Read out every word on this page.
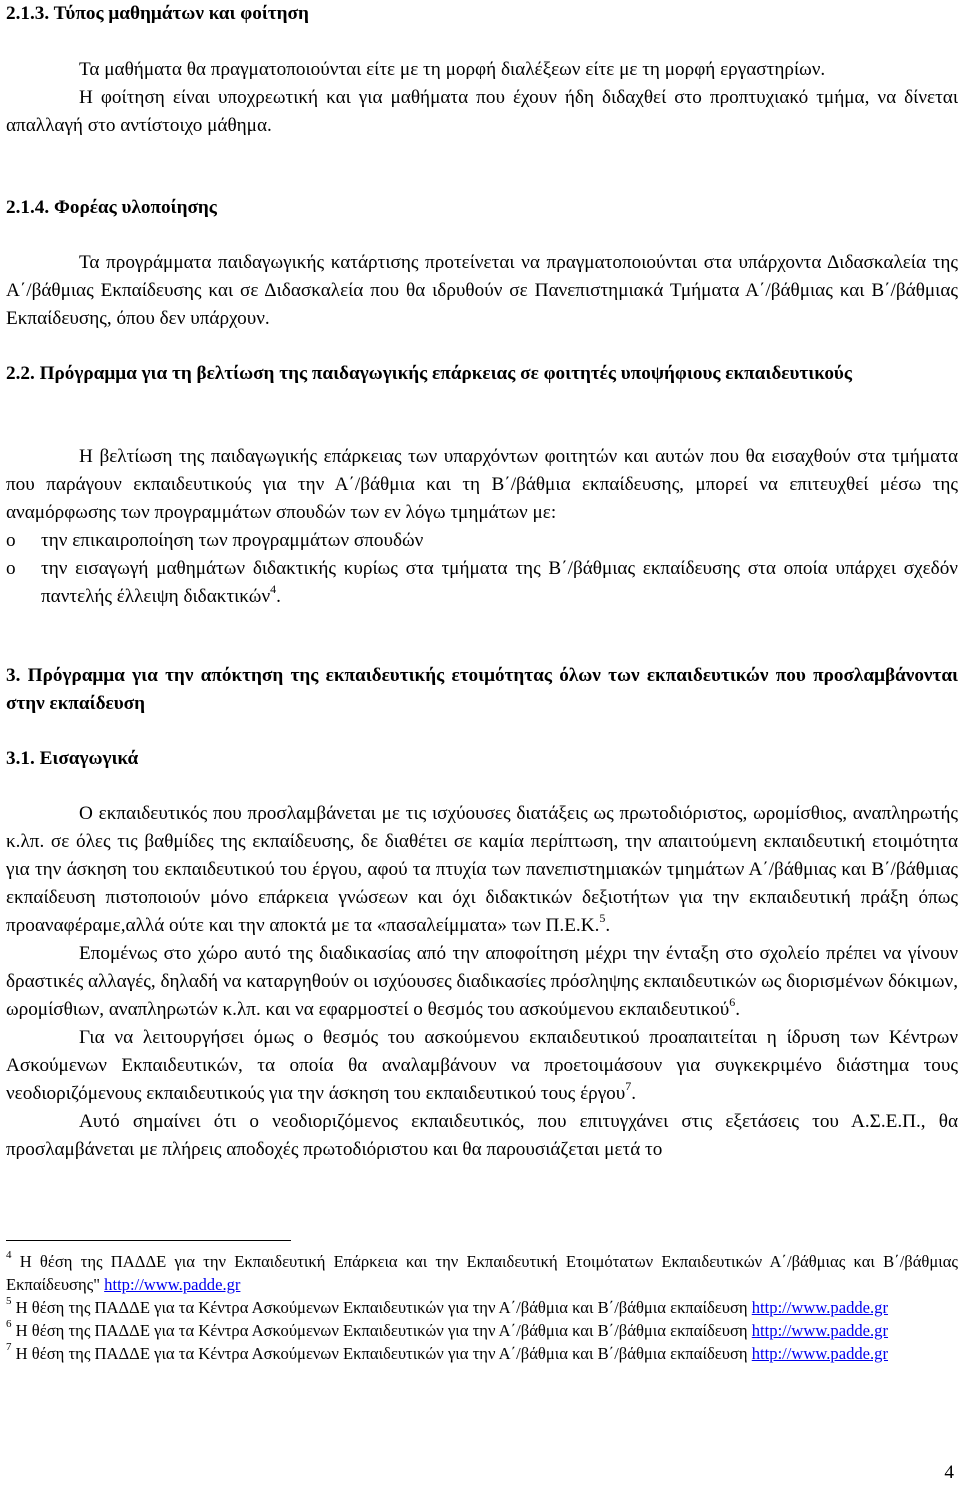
2.1.3. Τύπος μαθημάτων και φοίτηση

Τα μαθήματα θα πραγματοποιούνται είτε με τη μορφή διαλέξεων είτε με τη μορφή εργαστηρίων.

Η φοίτηση είναι υποχρεωτική και για μαθήματα που έχουν ήδη διδαχθεί στο προπτυχιακό τμήμα, να δίνεται απαλλαγή στο αντίστοιχο μάθημα.

2.1.4. Φορέας υλοποίησης

Τα προγράμματα παιδαγωγικής κατάρτισης προτείνεται να πραγματοποιούνται στα υπάρχοντα Διδασκαλεία της Α΄/βάθμιας Εκπαίδευσης και σε Διδασκαλεία που θα ιδρυθούν σε Πανεπιστημιακά Τμήματα Α΄/βάθμιας και Β΄/βάθμιας Εκπαίδευσης, όπου δεν υπάρχουν.

2.2. Πρόγραμμα για τη βελτίωση της παιδαγωγικής επάρκειας σε φοιτητές υποψήφιους εκπαιδευτικούς

Η βελτίωση της παιδαγωγικής επάρκειας των υπαρχόντων φοιτητών και αυτών που θα εισαχθούν στα τμήματα που παράγουν εκπαιδευτικούς για την Α΄/βάθμια και τη Β΄/βάθμια εκπαίδευσης, μπορεί να επιτευχθεί μέσω της αναμόρφωσης των προγραμμάτων σπουδών των εν λόγω τμημάτων με:

o την επικαιροποίηση των προγραμμάτων σπουδών
o την εισαγωγή μαθημάτων διδακτικής κυρίως στα τμήματα της Β΄/βάθμιας εκπαίδευσης στα οποία υπάρχει σχεδόν παντελής έλλειψη διδακτικών$^4$.

3. Πρόγραμμα για την απόκτηση της εκπαιδευτικής ετοιμότητας όλων των εκπαιδευτικών που προσλαμβάνονται στην εκπαίδευση

3.1. Εισαγωγικά

Ο εκπαιδευτικός που προσλαμβάνεται με τις ισχύουσες διατάξεις ως πρωτοδιόριστος, ωρομίσθιος, αναπληρωτής κ.λπ. σε όλες τις βαθμίδες της εκπαίδευσης, δε διαθέτει σε καμία περίπτωση, την απαιτούμενη εκπαιδευτική ετοιμότητα για την άσκηση του εκπαιδευτικού του έργου, αφού τα πτυχία των πανεπιστημιακών τμημάτων Α΄/βάθμιας και Β΄/βάθμιας εκπαίδευση πιστοποιούν μόνο επάρκεια γνώσεων και όχι διδακτικών δεξιοτήτων για την εκπαιδευτική πράξη όπως προαναφέραμε,αλλά ούτε και την αποκτά με τα «πασαλείμματα» των Π.Ε.Κ.$^5$.

Επομένως στο χώρο αυτό της διαδικασίας από την αποφοίτηση μέχρι την ένταξη στο σχολείο πρέπει να γίνουν δραστικές αλλαγές, δηλαδή να καταργηθούν οι ισχύουσες διαδικασίες πρόσληψης εκπαιδευτικών ως διορισμένων δόκιμων, ωρομίσθιων, αναπληρωτών κ.λπ. και να εφαρμοστεί ο θεσμός του ασκούμενου εκπαιδευτικού$^6$.

Για να λειτουργήσει όμως ο θεσμός του ασκούμενου εκπαιδευτικού προαπαιτείται η ίδρυση των Κέντρων Ασκούμενων Εκπαιδευτικών, τα οποία θα αναλαμβάνουν να προετοιμάσουν για συγκεκριμένο διάστημα τους νεοδιοριζόμενους εκπαιδευτικούς για την άσκηση του εκπαιδευτικού τους έργου$^7$.

Αυτό σημαίνει ότι ο νεοδιοριζόμενος εκπαιδευτικός, που επιτυγχάνει στις εξετάσεις του Α.Σ.Ε.Π., θα προσλαμβάνεται με πλήρεις αποδοχές πρωτοδιόριστου και θα παρουσιάζεται μετά το

$^4$ Η θέση της ΠΑΔΔΕ για την Εκπαιδευτική Επάρκεια και την Εκπαιδευτική Ετοιμότατων Εκπαιδευτικών Α΄/βάθμιας και Β΄/βάθμιας Εκπαίδευσης" http://www.padde.gr
$^5$ Η θέση της ΠΑΔΔΕ για τα Κέντρα Ασκούμενων Εκπαιδευτικών για την Α΄/βάθμια και Β΄/βάθμια εκπαίδευση http://www.padde.gr
$^6$ Η θέση της ΠΑΔΔΕ για τα Κέντρα Ασκούμενων Εκπαιδευτικών για την Α΄/βάθμια και Β΄/βάθμια εκπαίδευση http://www.padde.gr
$^7$ Η θέση της ΠΑΔΔΕ για τα Κέντρα Ασκούμενων Εκπαιδευτικών για την Α΄/βάθμια και Β΄/βάθμια εκπαίδευση http://www.padde.gr
4
